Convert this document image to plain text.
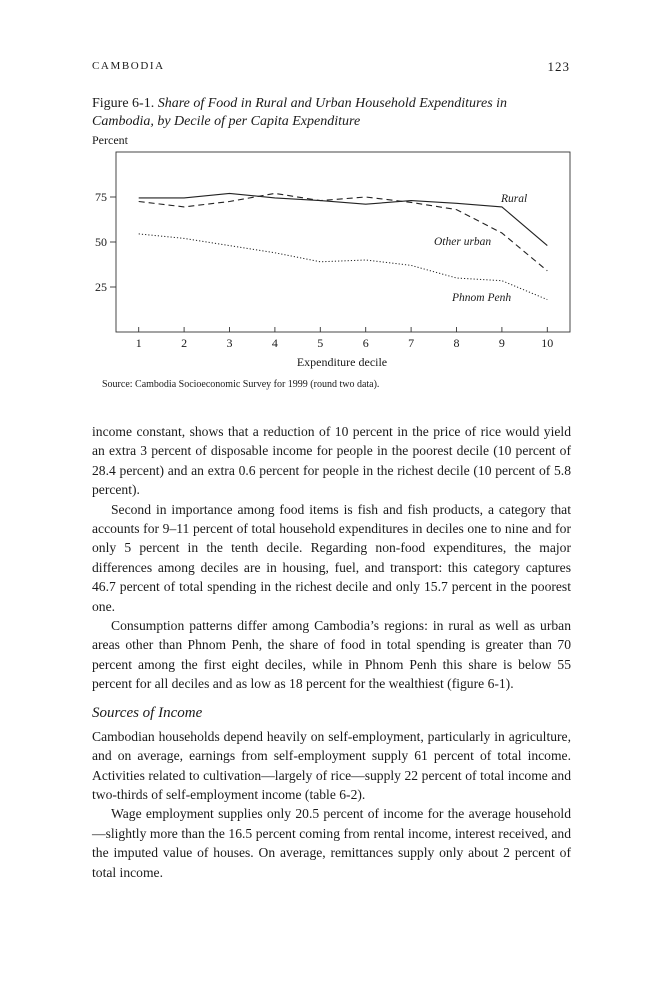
CAMBODIA	123
Figure 6-1. Share of Food in Rural and Urban Household Expenditures in Cambodia, by Decile of per Capita Expenditure
Percent
25
50
75
1	2	3	4	5	6	7	8	9	10
Rural
Other urban
Phnom Penh
Expenditure decile
Source: Cambodia Socioeconomic Survey for 1999 (round two data).

income constant, shows that a reduction of 10 percent in the price of rice would yield an extra 3 percent of disposable income for people in the poorest decile (10 percent of 28.4 percent) and an extra 0.6 percent for people in the richest decile (10 percent of 5.8 percent).

Second in importance among food items is fish and fish products, a category that accounts for 9–11 percent of total household expenditures in deciles one to nine and for only 5 percent in the tenth decile. Regarding non-food expenditures, the major differences among deciles are in housing, fuel, and transport: this category captures 46.7 percent of total spending in the richest decile and only 15.7 percent in the poorest one.

Consumption patterns differ among Cambodia’s regions: in rural as well as urban areas other than Phnom Penh, the share of food in total spending is greater than 70 percent among the first eight deciles, while in Phnom Penh this share is below 55 percent for all deciles and as low as 18 percent for the wealthiest (figure 6-1).

Sources of Income

Cambodian households depend heavily on self-employment, particularly in agriculture, and on average, earnings from self-employment supply 61 percent of total income. Activities related to cultivation—largely of rice—supply 22 percent of total income and two-thirds of self-employment income (table 6-2).

Wage employment supplies only 20.5 percent of income for the average household—slightly more than the 16.5 percent coming from rental income, interest received, and the imputed value of houses. On average, remittances supply only about 2 percent of total income.
